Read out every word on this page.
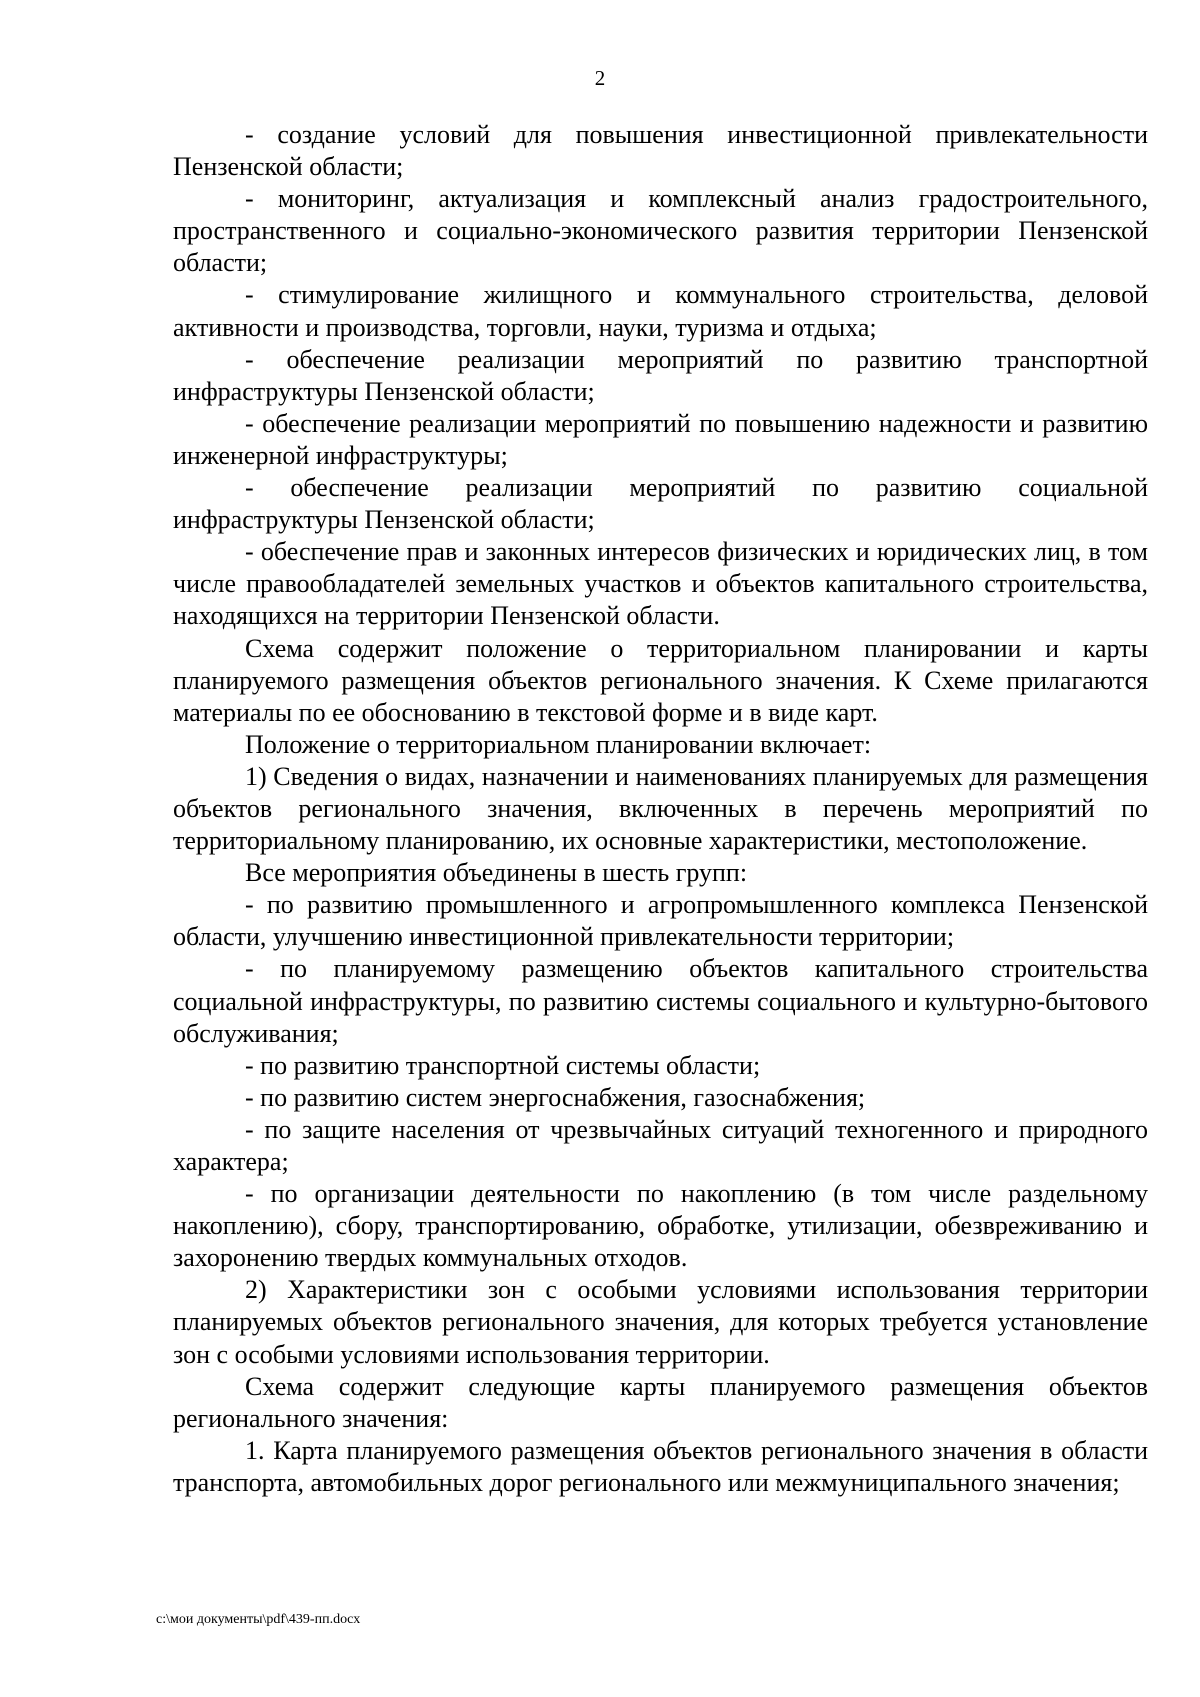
2

- создание условий для повышения инвестиционной привлекательности Пензенской области;

- мониторинг, актуализация и комплексный анализ градостроительного, пространственного и социально-экономического развития территории Пензенской области;

- стимулирование жилищного и коммунального строительства, деловой активности и производства, торговли, науки, туризма и отдыха;

- обеспечение реализации мероприятий по развитию транспортной инфраструктуры Пензенской области;

- обеспечение реализации мероприятий по повышению надежности и развитию инженерной инфраструктуры;

- обеспечение реализации мероприятий по развитию социальной инфраструктуры Пензенской области;

- обеспечение прав и законных интересов физических и юридических лиц, в том числе правообладателей земельных участков и объектов капитального строительства, находящихся на территории Пензенской области.

Схема содержит положение о территориальном планировании и карты планируемого размещения объектов регионального значения. К Схеме прилагаются материалы по ее обоснованию в текстовой форме и в виде карт.

Положение о территориальном планировании включает:

1) Сведения о видах, назначении и наименованиях планируемых для размещения объектов регионального значения, включенных в перечень мероприятий по территориальному планированию, их основные характеристики, местоположение.

Все мероприятия объединены в шесть групп:

- по развитию промышленного и агропромышленного комплекса Пензенской области, улучшению инвестиционной привлекательности территории;

- по планируемому размещению объектов капитального строительства социальной инфраструктуры, по развитию системы социального и культурно-бытового обслуживания;

- по развитию транспортной системы области;

- по развитию систем энергоснабжения, газоснабжения;

- по защите населения от чрезвычайных ситуаций техногенного и природного характера;

- по организации деятельности по накоплению (в том числе раздельному накоплению), сбору, транспортированию, обработке, утилизации, обезвреживанию и захоронению твердых коммунальных отходов.

2) Характеристики зон с особыми условиями использования территории планируемых объектов регионального значения, для которых требуется установление зон с особыми условиями использования территории.

Схема содержит следующие карты планируемого размещения объектов регионального значения:

1. Карта планируемого размещения объектов регионального значения в области транспорта, автомобильных дорог регионального или межмуниципального значения;

c:\мои документы\pdf\439-пп.docx
